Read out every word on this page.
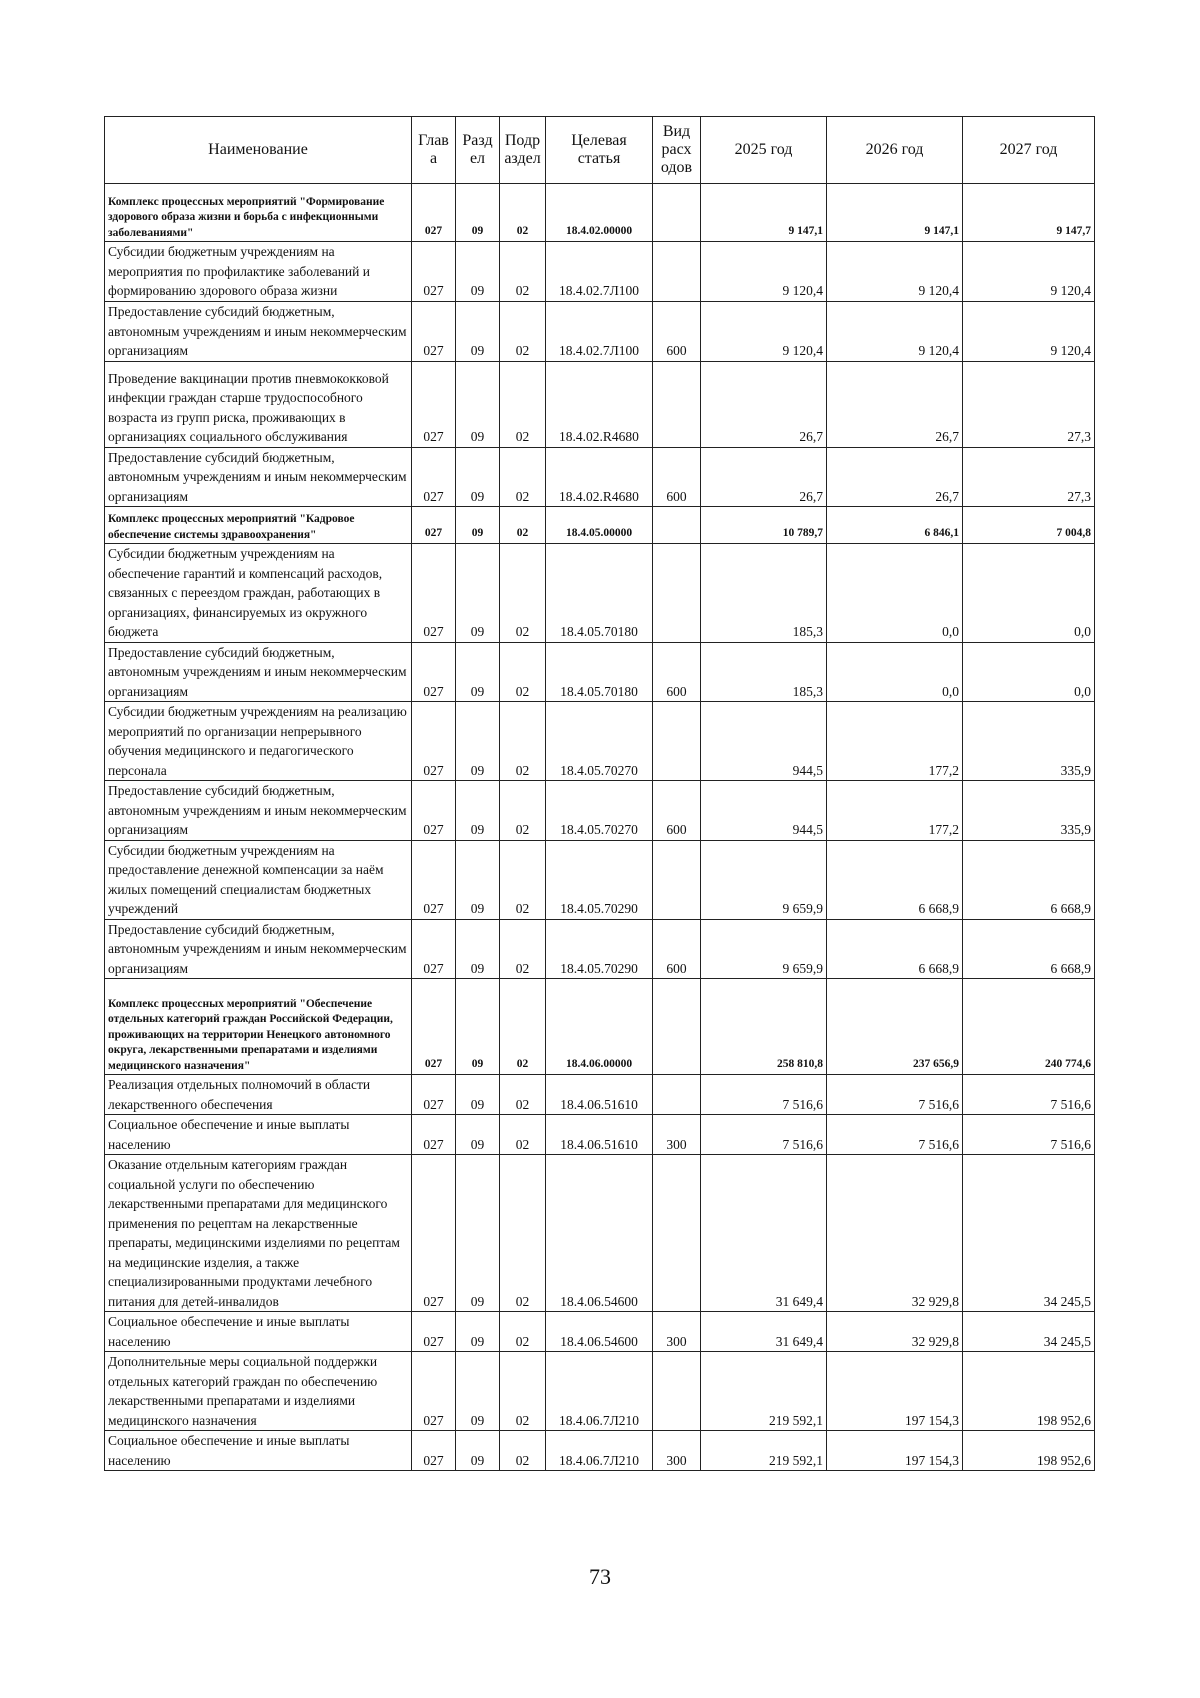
Наименование	Глав а	Разд ел	Подр аздел	Целевая статья	Вид расх одов	2025 год	2026 год	2027 год
Комплекс процессных мероприятий "Формирование здорового образа жизни и борьба с инфекционными заболеваниями"	027	09	02	18.4.02.00000		9 147,1	9 147,1	9 147,7
Субсидии бюджетным учреждениям на мероприятия по профилактике заболеваний и формированию здорового образа жизни	027	09	02	18.4.02.7Л100		9 120,4	9 120,4	9 120,4
Предоставление субсидий бюджетным, автономным учреждениям и иным некоммерческим организациям	027	09	02	18.4.02.7Л100	600	9 120,4	9 120,4	9 120,4
Проведение вакцинации против пневмококковой инфекции граждан старше трудоспособного возраста из групп риска, проживающих в организациях социального обслуживания	027	09	02	18.4.02.R4680		26,7	26,7	27,3
Предоставление субсидий бюджетным, автономным учреждениям и иным некоммерческим организациям	027	09	02	18.4.02.R4680	600	26,7	26,7	27,3
Комплекс процессных мероприятий "Кадровое обеспечение системы здравоохранения"	027	09	02	18.4.05.00000		10 789,7	6 846,1	7 004,8
Субсидии бюджетным учреждениям на обеспечение гарантий и компенсаций расходов, связанных с переездом граждан, работающих в организациях, финансируемых из окружного бюджета	027	09	02	18.4.05.70180		185,3	0,0	0,0
Предоставление субсидий бюджетным, автономным учреждениям и иным некоммерческим организациям	027	09	02	18.4.05.70180	600	185,3	0,0	0,0
Субсидии бюджетным учреждениям на реализацию мероприятий по организации непрерывного обучения медицинского и педагогического персонала	027	09	02	18.4.05.70270		944,5	177,2	335,9
Предоставление субсидий бюджетным, автономным учреждениям и иным некоммерческим организациям	027	09	02	18.4.05.70270	600	944,5	177,2	335,9
Субсидии бюджетным учреждениям на предоставление денежной компенсации за наём жилых помещений специалистам бюджетных учреждений	027	09	02	18.4.05.70290		9 659,9	6 668,9	6 668,9
Предоставление субсидий бюджетным, автономным учреждениям и иным некоммерческим организациям	027	09	02	18.4.05.70290	600	9 659,9	6 668,9	6 668,9
Комплекс процессных мероприятий "Обеспечение отдельных категорий граждан Российской Федерации, проживающих на территории Ненецкого автономного округа, лекарственными препаратами и изделиями медицинского назначения"	027	09	02	18.4.06.00000		258 810,8	237 656,9	240 774,6
Реализация отдельных полномочий в области лекарственного обеспечения	027	09	02	18.4.06.51610		7 516,6	7 516,6	7 516,6
Социальное обеспечение и иные выплаты населению	027	09	02	18.4.06.51610	300	7 516,6	7 516,6	7 516,6
Оказание отдельным категориям граждан социальной услуги по обеспечению лекарственными препаратами для медицинского применения по рецептам на лекарственные препараты, медицинскими изделиями по рецептам на медицинские изделия, а также специализированными продуктами лечебного питания для детей-инвалидов	027	09	02	18.4.06.54600		31 649,4	32 929,8	34 245,5
Социальное обеспечение и иные выплаты населению	027	09	02	18.4.06.54600	300	31 649,4	32 929,8	34 245,5
Дополнительные меры социальной поддержки отдельных категорий граждан по обеспечению лекарственными препаратами и изделиями медицинского назначения	027	09	02	18.4.06.7Л210		219 592,1	197 154,3	198 952,6
Социальное обеспечение и иные выплаты населению	027	09	02	18.4.06.7Л210	300	219 592,1	197 154,3	198 952,6
73
